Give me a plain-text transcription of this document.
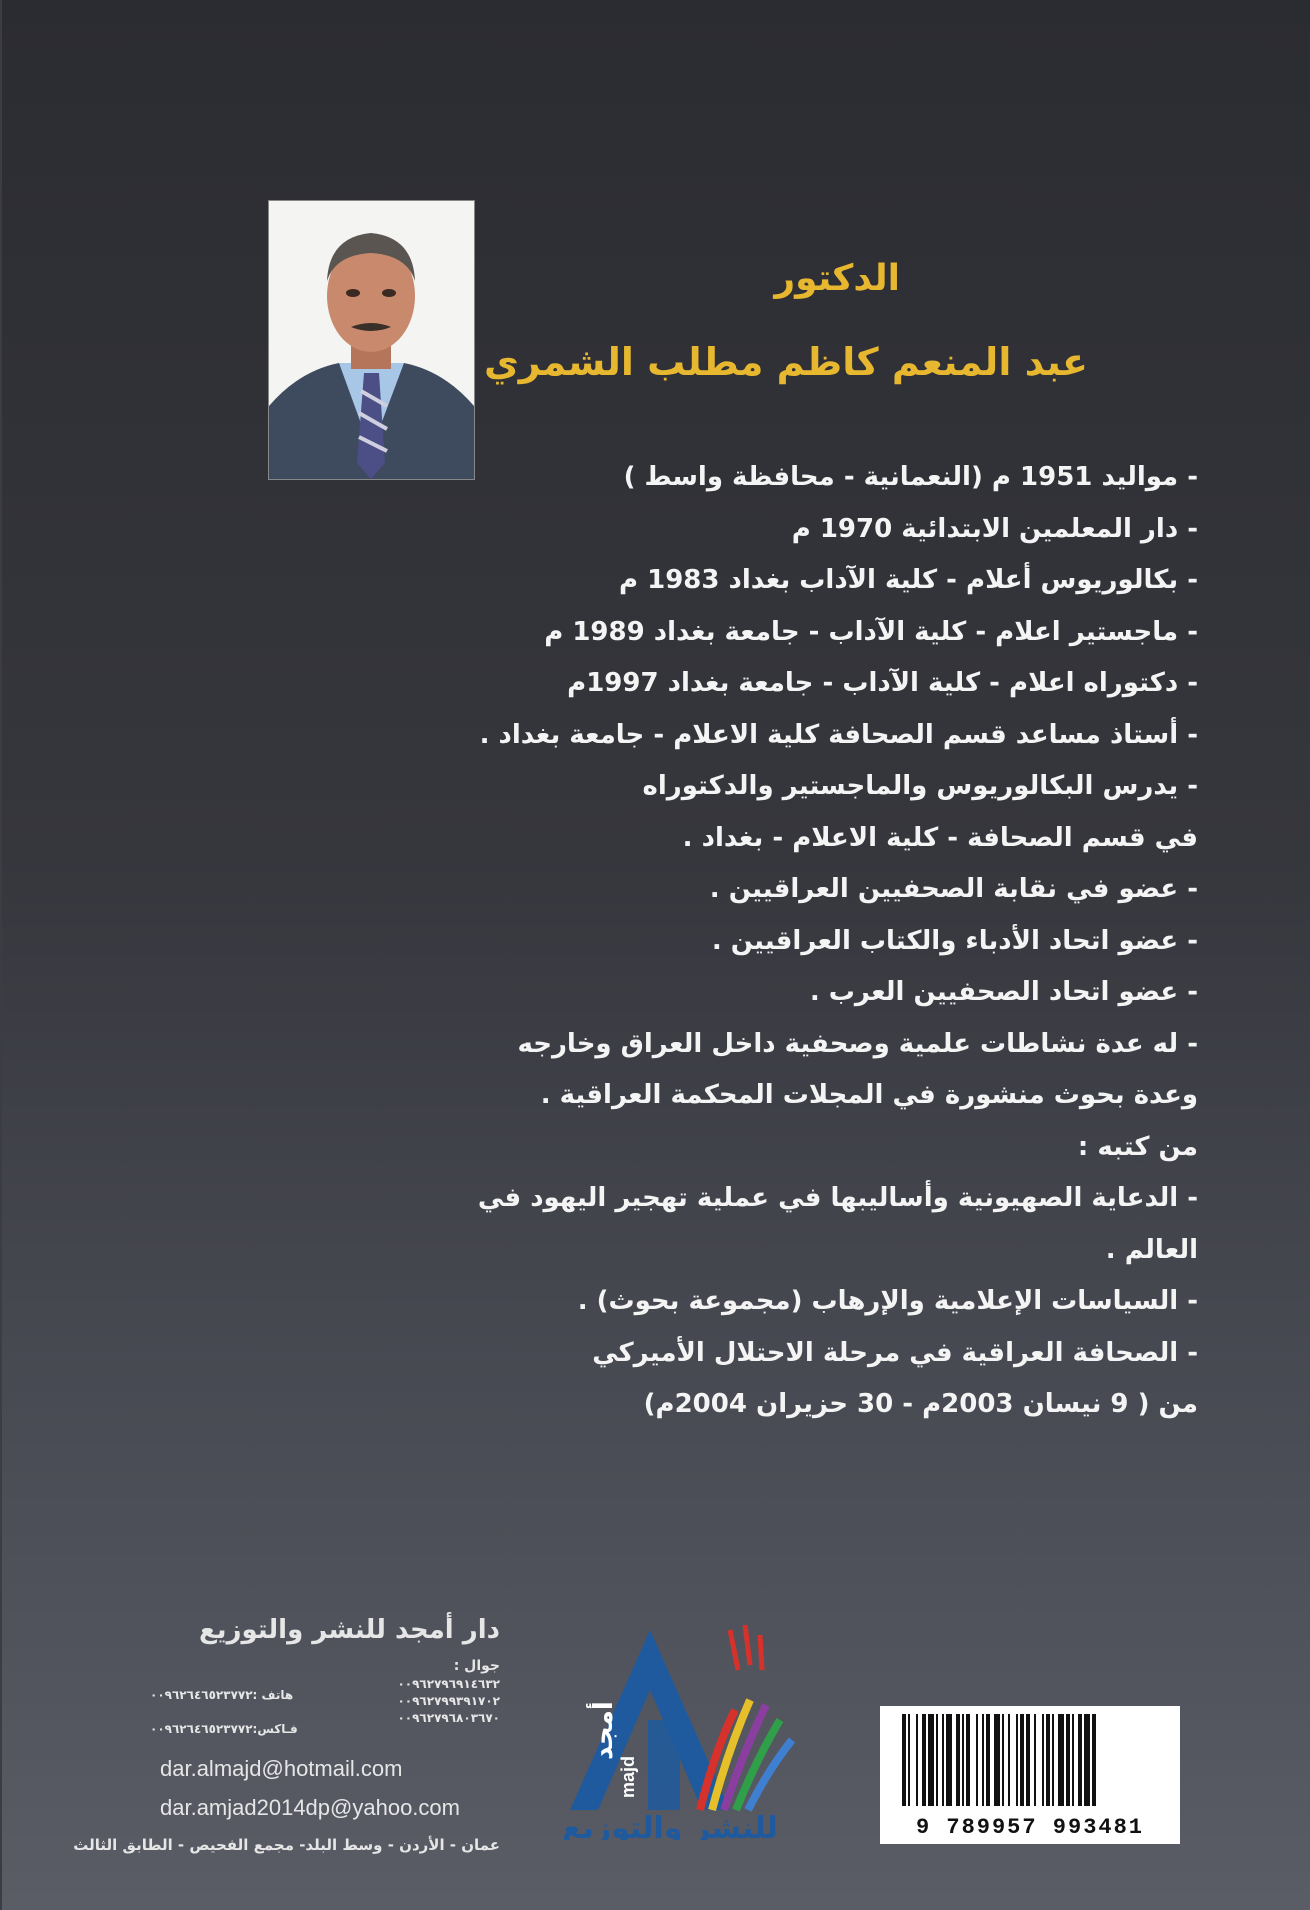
الدكتور
عبد المنعم كاظم مطلب الشمري
- مواليد 1951 م (النعمانية - محافظة واسط )
- دار المعلمين الابتدائية 1970 م
- بكالوريوس أعلام - كلية الآداب بغداد 1983 م
- ماجستير اعلام - كلية الآداب - جامعة بغداد 1989 م
- دكتوراه اعلام - كلية الآداب - جامعة بغداد 1997م
- أستاذ مساعد قسم الصحافة كلية الاعلام - جامعة بغداد .
- يدرس البكالوريوس والماجستير والدكتوراه
في قسم الصحافة - كلية الاعلام - بغداد .
- عضو في نقابة الصحفيين العراقيين .
- عضو اتحاد الأدباء والكتاب العراقيين .
- عضو اتحاد الصحفيين العرب .
- له عدة نشاطات علمية وصحفية داخل العراق وخارجه
وعدة بحوث منشورة في المجلات المحكمة العراقية .
من كتبه :
- الدعاية الصهيونية وأساليبها في عملية تهجير اليهود في
العالم .
- السياسات الإعلامية والإرهاب (مجموعة بحوث) .
- الصحافة العراقية في مرحلة الاحتلال الأميركي
من ( 9 نيسان 2003م - 30 حزيران 2004م)
دار أمجد للنشر والتوزيع
جوال :
٠٠٩٦٢٧٩٦٩١٤٦٣٢
٠٠٩٦٢٧٩٩٣٩١٧٠٢
٠٠٩٦٢٧٩٦٨٠٣٦٧٠
هاتف :٠٠٩٦٢٦٤٦٥٢٣٧٧٢
فـاكس:٠٠٩٦٢٦٤٦٥٢٣٧٧٢
dar.almajd@hotmail.com
dar.amjad2014dp@yahoo.com
عمان - الأردن - وسط البلد- مجمع الفحيص - الطابق الثالث
أمجد
majd
للنشر والتوزيع	9 789957 993481
